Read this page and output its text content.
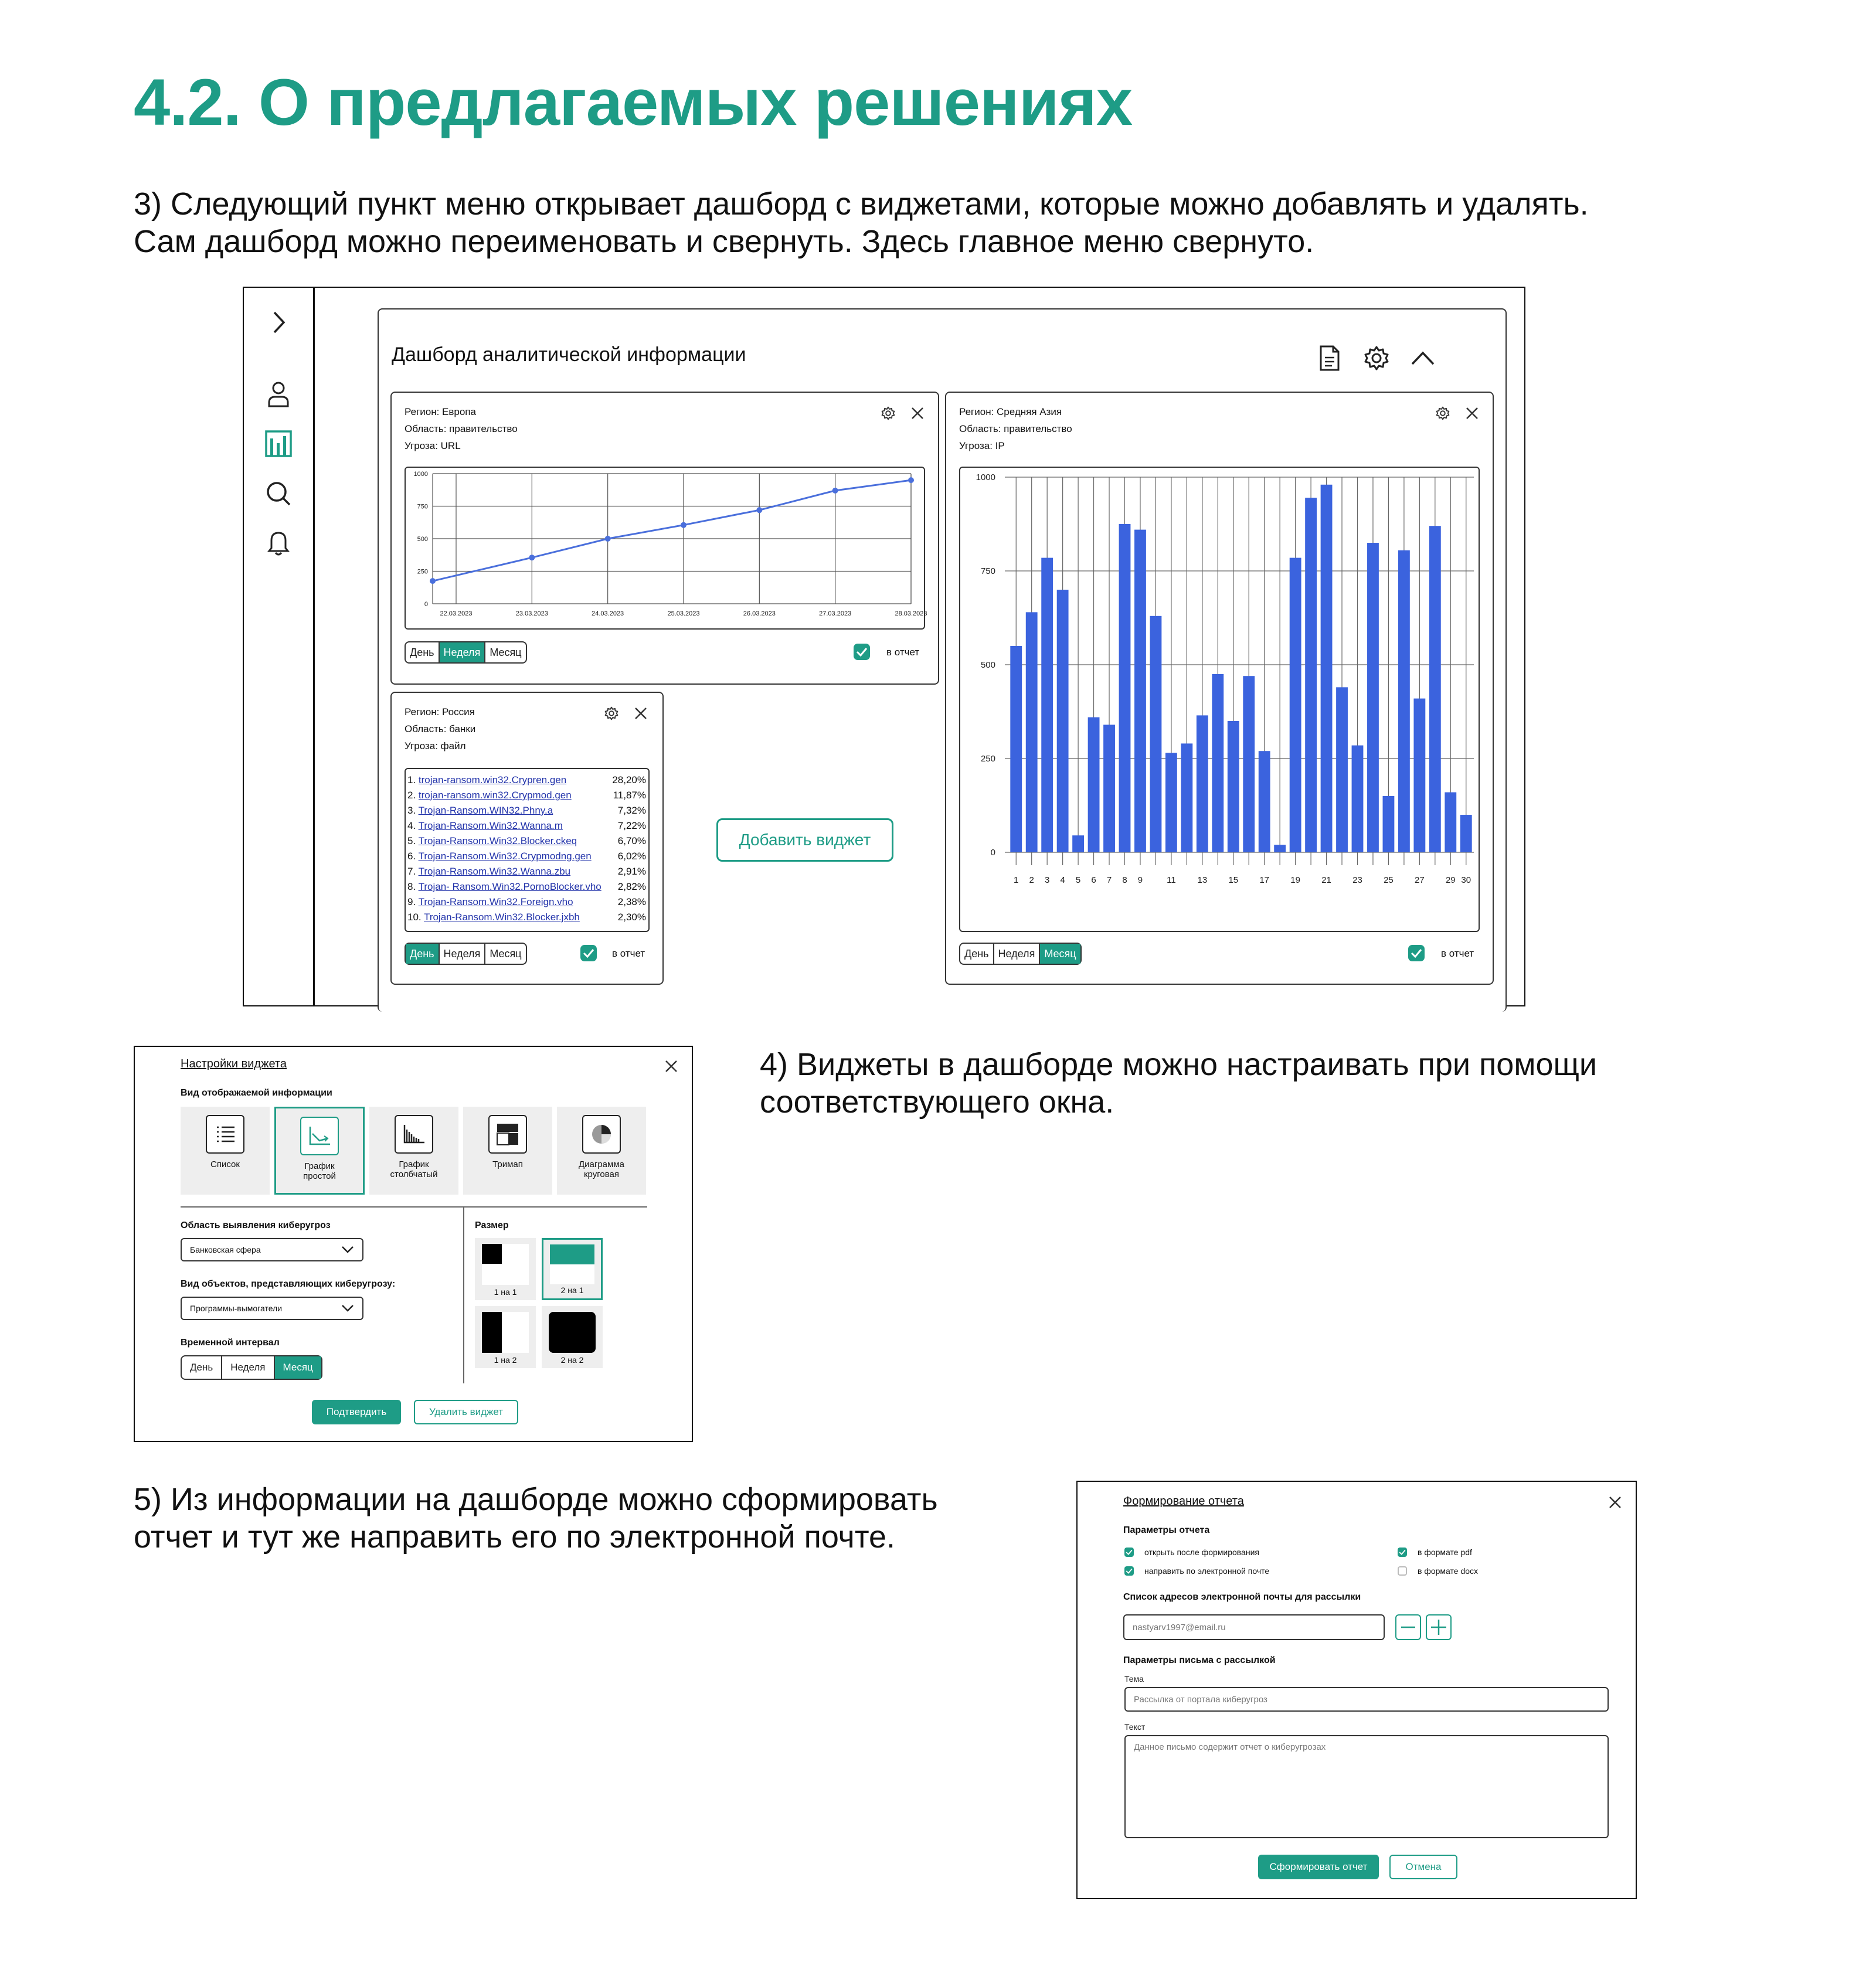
4.2. О предлагаемых решениях
3) Следующий пункт меню открывает дашборд с виджетами, которые можно добавлять и удалять.
Сам дашборд можно переименовать и свернуть. Здесь главное меню свернуто.
4) Виджеты в дашборде можно настраивать при помощи
соответствующего окна.
5) Из информации на дашборде можно сформировать
отчет и тут же направить его по электронной почте.
Дашборд аналитической информации
Регион: Европа
Область: правительство
Угроза: URL
0
250
500
750
1000
22.03.2023	23.03.2023	24.03.2023	25.03.2023	26.03.2023	27.03.2023	28.03.2023
День Неделя Месяц	в отчет
Регион: Средняя Азия
Область: правительство
Угроза: IP
0
250
500
750
1000
1 2 3 4 5 6 7 8 9	11 13 15 17 19 21 23 25 27 29 30
День Неделя Месяц	в отчет
Регион: Россия
Область: банки
Угроза: файл
1. trojan-ransom.win32.Crypren.gen	28,20%
2. trojan-ransom.win32.Crypmod.gen	11,87%
3. Trojan-Ransom.WIN32.Phny.a	7,32%
4. Trojan-Ransom.Win32.Wanna.m	7,22%
5. Trojan-Ransom.Win32.Blocker.ckeq	6,70%
6. Trojan-Ransom.Win32.Crypmodng.gen	6,02%
7. Trojan-Ransom.Win32.Wanna.zbu	2,91%
8. Trojan- Ransom.Win32.PornoBlocker.vho 2,82%
9. Trojan-Ransom.Win32.Foreign.vho	2,38%
10. Trojan-Ransom.Win32.Blocker.jxbh	2,30%
День Неделя Месяц	в отчет
Добавить виджет
Настройки виджета
Вид отображаемой информации
Список	График
простой
График
столбчатый
Тримап	Диаграмма
круговая
Область выявления киберугроз
Банковская сфера
Вид объектов, представляющих киберугрозу:
Программы-вымогатели
Временной интервал
День	Неделя	Месяц
Размер
1 на 1	2 на 1
1 на 2	2 на 2
Подтвердить	Удалить виджет
Формирование отчета
Параметры отчета
открыть после формирования
направить по электронной почте
в формате pdf
в формате docx
Список адресов электронной почты для рассылки
nastyarv1997@email.ru
Параметры письма с рассылкой
Тема
Рассылка от портала киберугроз
Текст
Данное письмо содержит отчет о киберугрозах
Сформировать отчет	Отмена
